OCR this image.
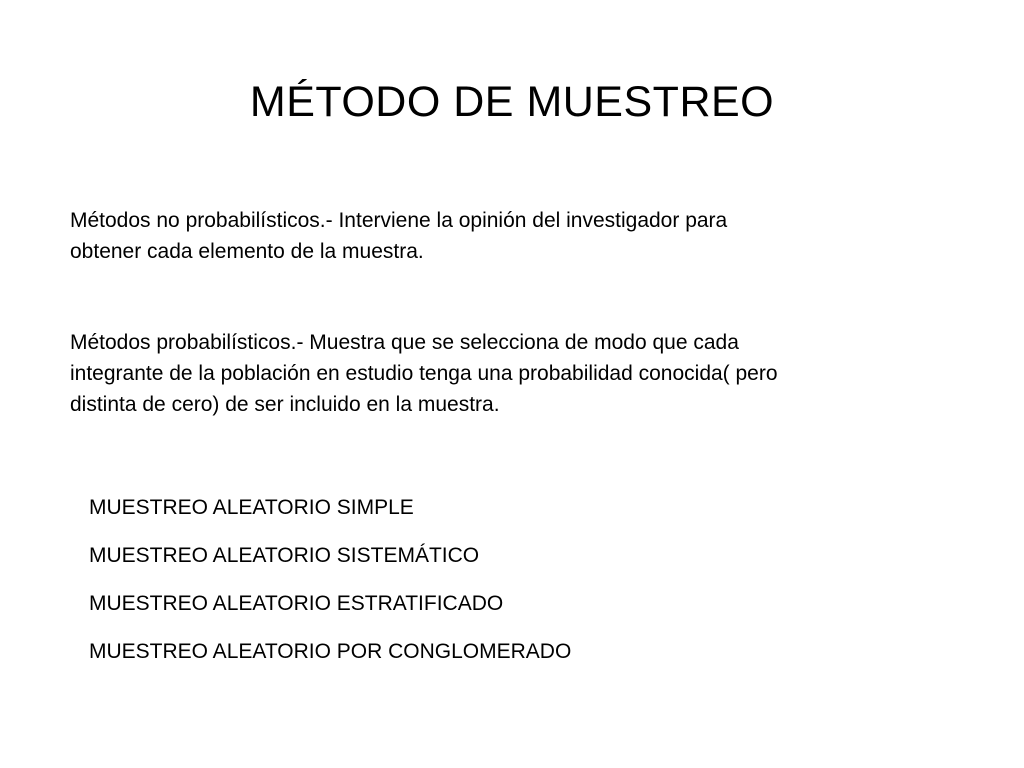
MÉTODO DE MUESTREO

Métodos no probabilísticos.- Interviene la opinión del investigador para
obtener cada elemento de la muestra.

Métodos probabilísticos.- Muestra que se selecciona de modo que cada
integrante de la población en estudio tenga una probabilidad conocida( pero
distinta de cero) de ser incluido en la muestra.

MUESTREO ALEATORIO SIMPLE
MUESTREO ALEATORIO SISTEMÁTICO
MUESTREO ALEATORIO ESTRATIFICADO
MUESTREO ALEATORIO POR CONGLOMERADO
